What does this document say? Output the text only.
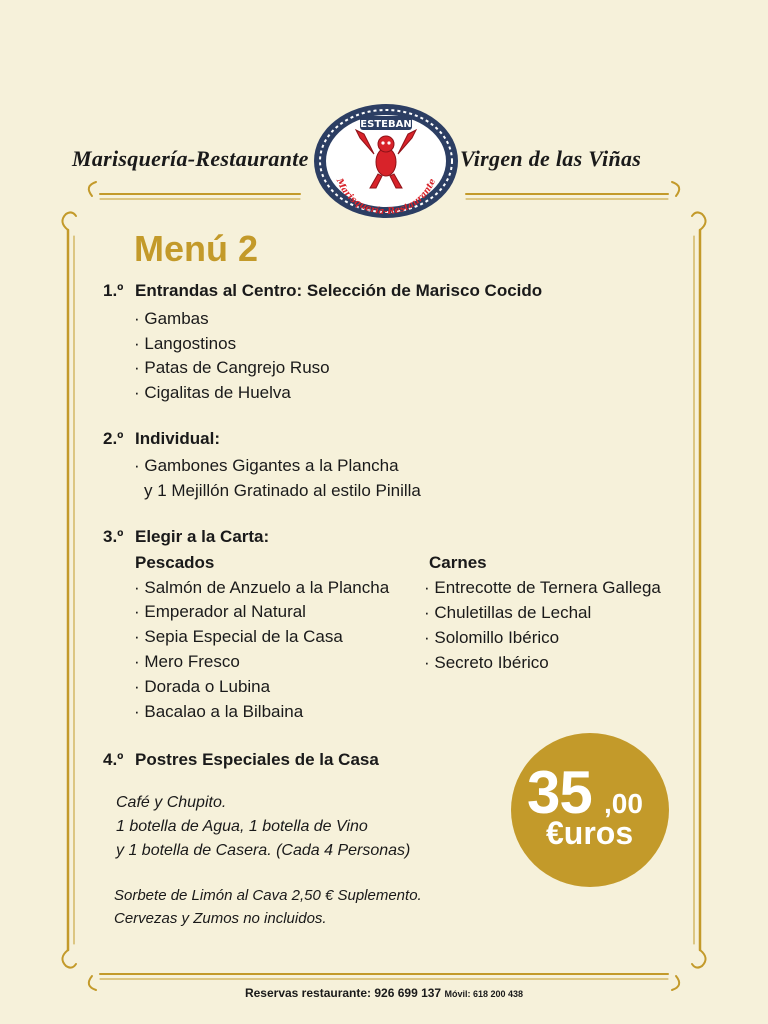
Marisquería-Restaurante	Virgen de las Viñas
ESTEBAN
Marisquería-Restaurante
Menú 2
1.º Entrandas al Centro: Selección de Marisco Cocido
· Gambas
· Langostinos
· Patas de Cangrejo Ruso
· Cigalitas de Huelva
2.º Individual:
· Gambones Gigantes a la Plancha
y 1 Mejillón Gratinado al estilo Pinilla
3.º Elegir a la Carta:
Pescados
· Salmón de Anzuelo a la Plancha
· Emperador al Natural
· Sepia Especial de la Casa
· Mero Fresco
· Dorada o Lubina
· Bacalao a la Bilbaina
Carnes
· Entrecotte de Ternera Gallega
· Chuletillas de Lechal
· Solomillo Ibérico
· Secreto Ibérico
4.º Postres Especiales de la Casa
Café y Chupito.
1 botella de Agua, 1 botella de Vino
y 1 botella de Casera. (Cada 4 Personas)
Sorbete de Limón al Cava 2,50 € Suplemento.
Cervezas y Zumos no incluidos.
35 ,00
€uros
Reservas restaurante: 926 699 137 Móvil: 618 200 438
